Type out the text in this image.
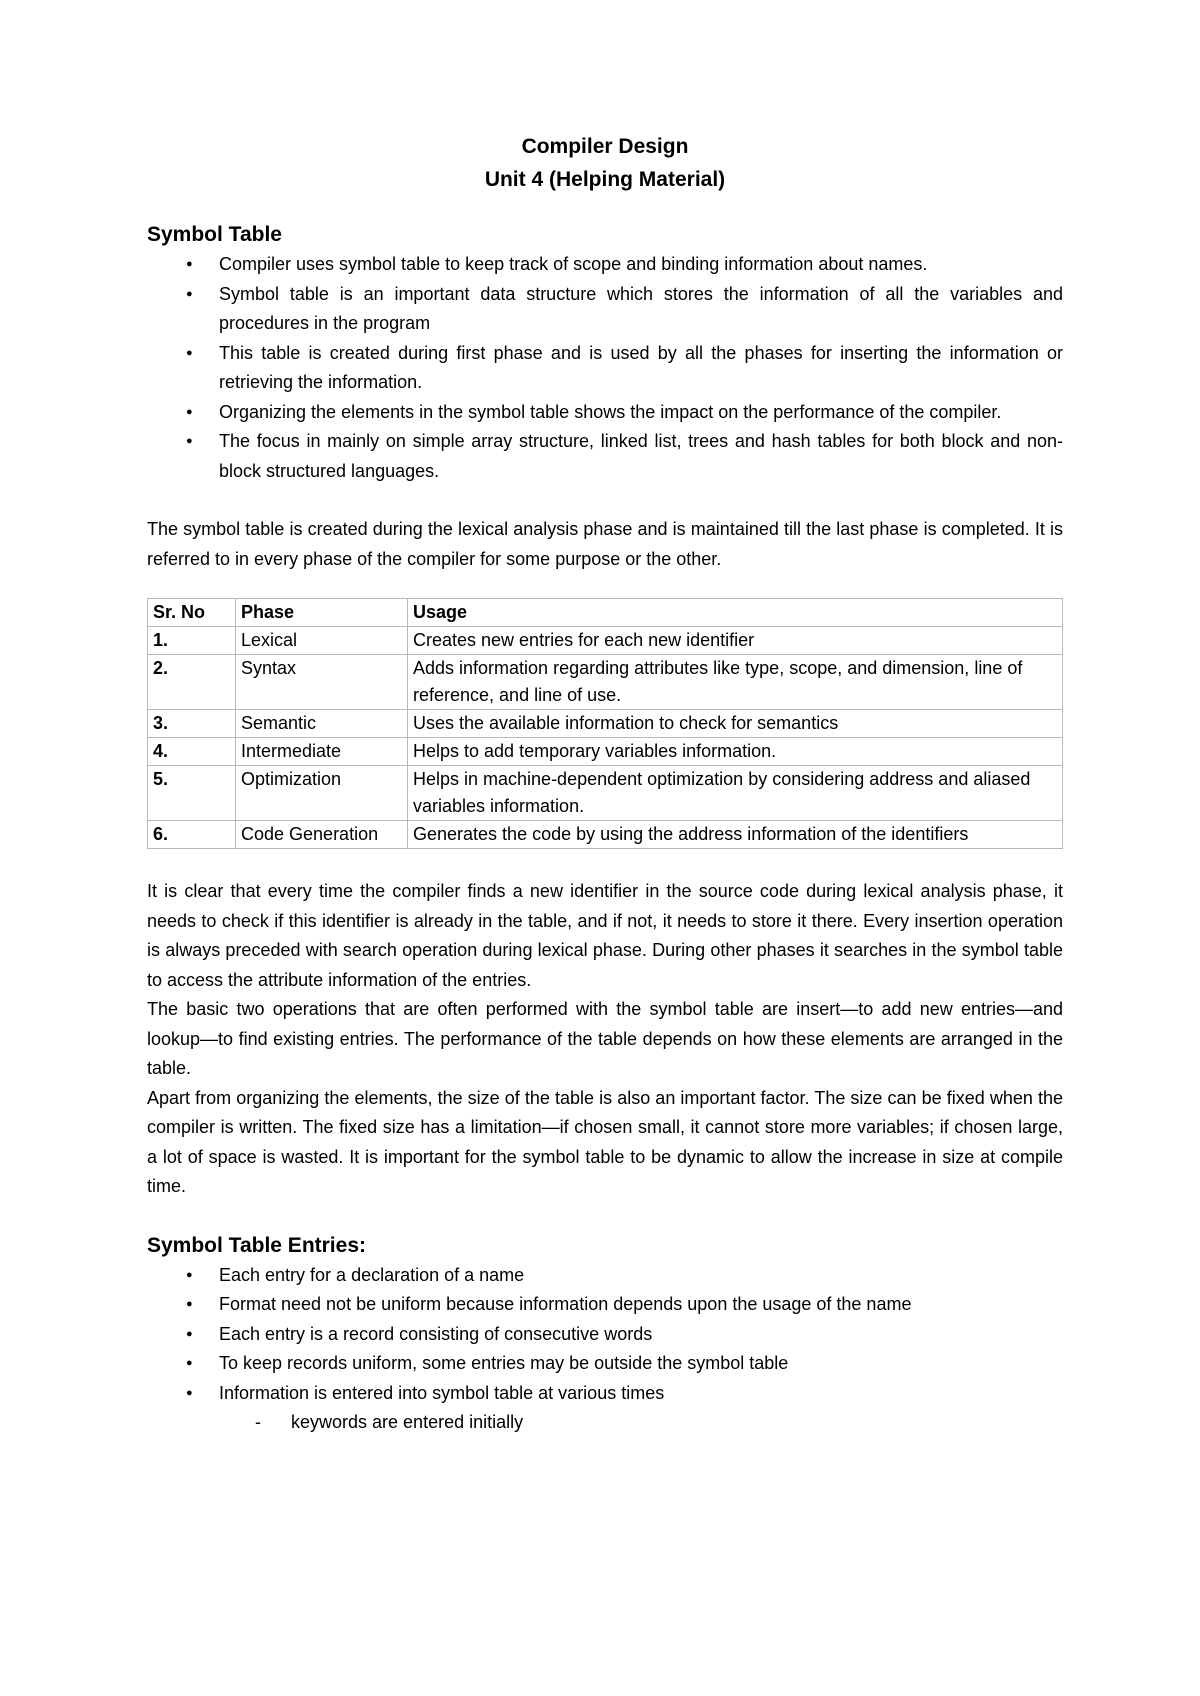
Compiler Design
Unit 4 (Helping Material)
Symbol Table
● Compiler uses symbol table to keep track of scope and binding information about names.
● Symbol table is an important data structure which stores the information of all the variables and procedures in the program
● This table is created during first phase and is used by all the phases for inserting the information or retrieving the information.
● Organizing the elements in the symbol table shows the impact on the performance of the compiler.
● The focus in mainly on simple array structure, linked list, trees and hash tables for both block and non-block structured languages.

The symbol table is created during the lexical analysis phase and is maintained till the last phase is completed. It is referred to in every phase of the compiler for some purpose or the other.

Sr. No	Phase	Usage
1.	Lexical	Creates new entries for each new identifier
2.	Syntax	Adds information regarding attributes like type, scope, and dimension, line of reference, and line of use.
3.	Semantic	Uses the available information to check for semantics
4.	Intermediate	Helps to add temporary variables information.
5.	Optimization	Helps in machine-dependent optimization by considering address and aliased variables information.
6.	Code Generation	Generates the code by using the address information of the identifiers

It is clear that every time the compiler finds a new identifier in the source code during lexical analysis phase, it needs to check if this identifier is already in the table, and if not, it needs to store it there. Every insertion operation is always preceded with search operation during lexical phase. During other phases it searches in the symbol table to access the attribute information of the entries.

The basic two operations that are often performed with the symbol table are insert—to add new entries—and lookup—to find existing entries. The performance of the table depends on how these elements are arranged in the table.

Apart from organizing the elements, the size of the table is also an important factor. The size can be fixed when the compiler is written. The fixed size has a limitation—if chosen small, it cannot store more variables; if chosen large, a lot of space is wasted. It is important for the symbol table to be dynamic to allow the increase in size at compile time.

Symbol Table Entries:
● Each entry for a declaration of a name
● Format need not be uniform because information depends upon the usage of the name
● Each entry is a record consisting of consecutive words
● To keep records uniform, some entries may be outside the symbol table
● Information is entered into symbol table at various times
- keywords are entered initially
